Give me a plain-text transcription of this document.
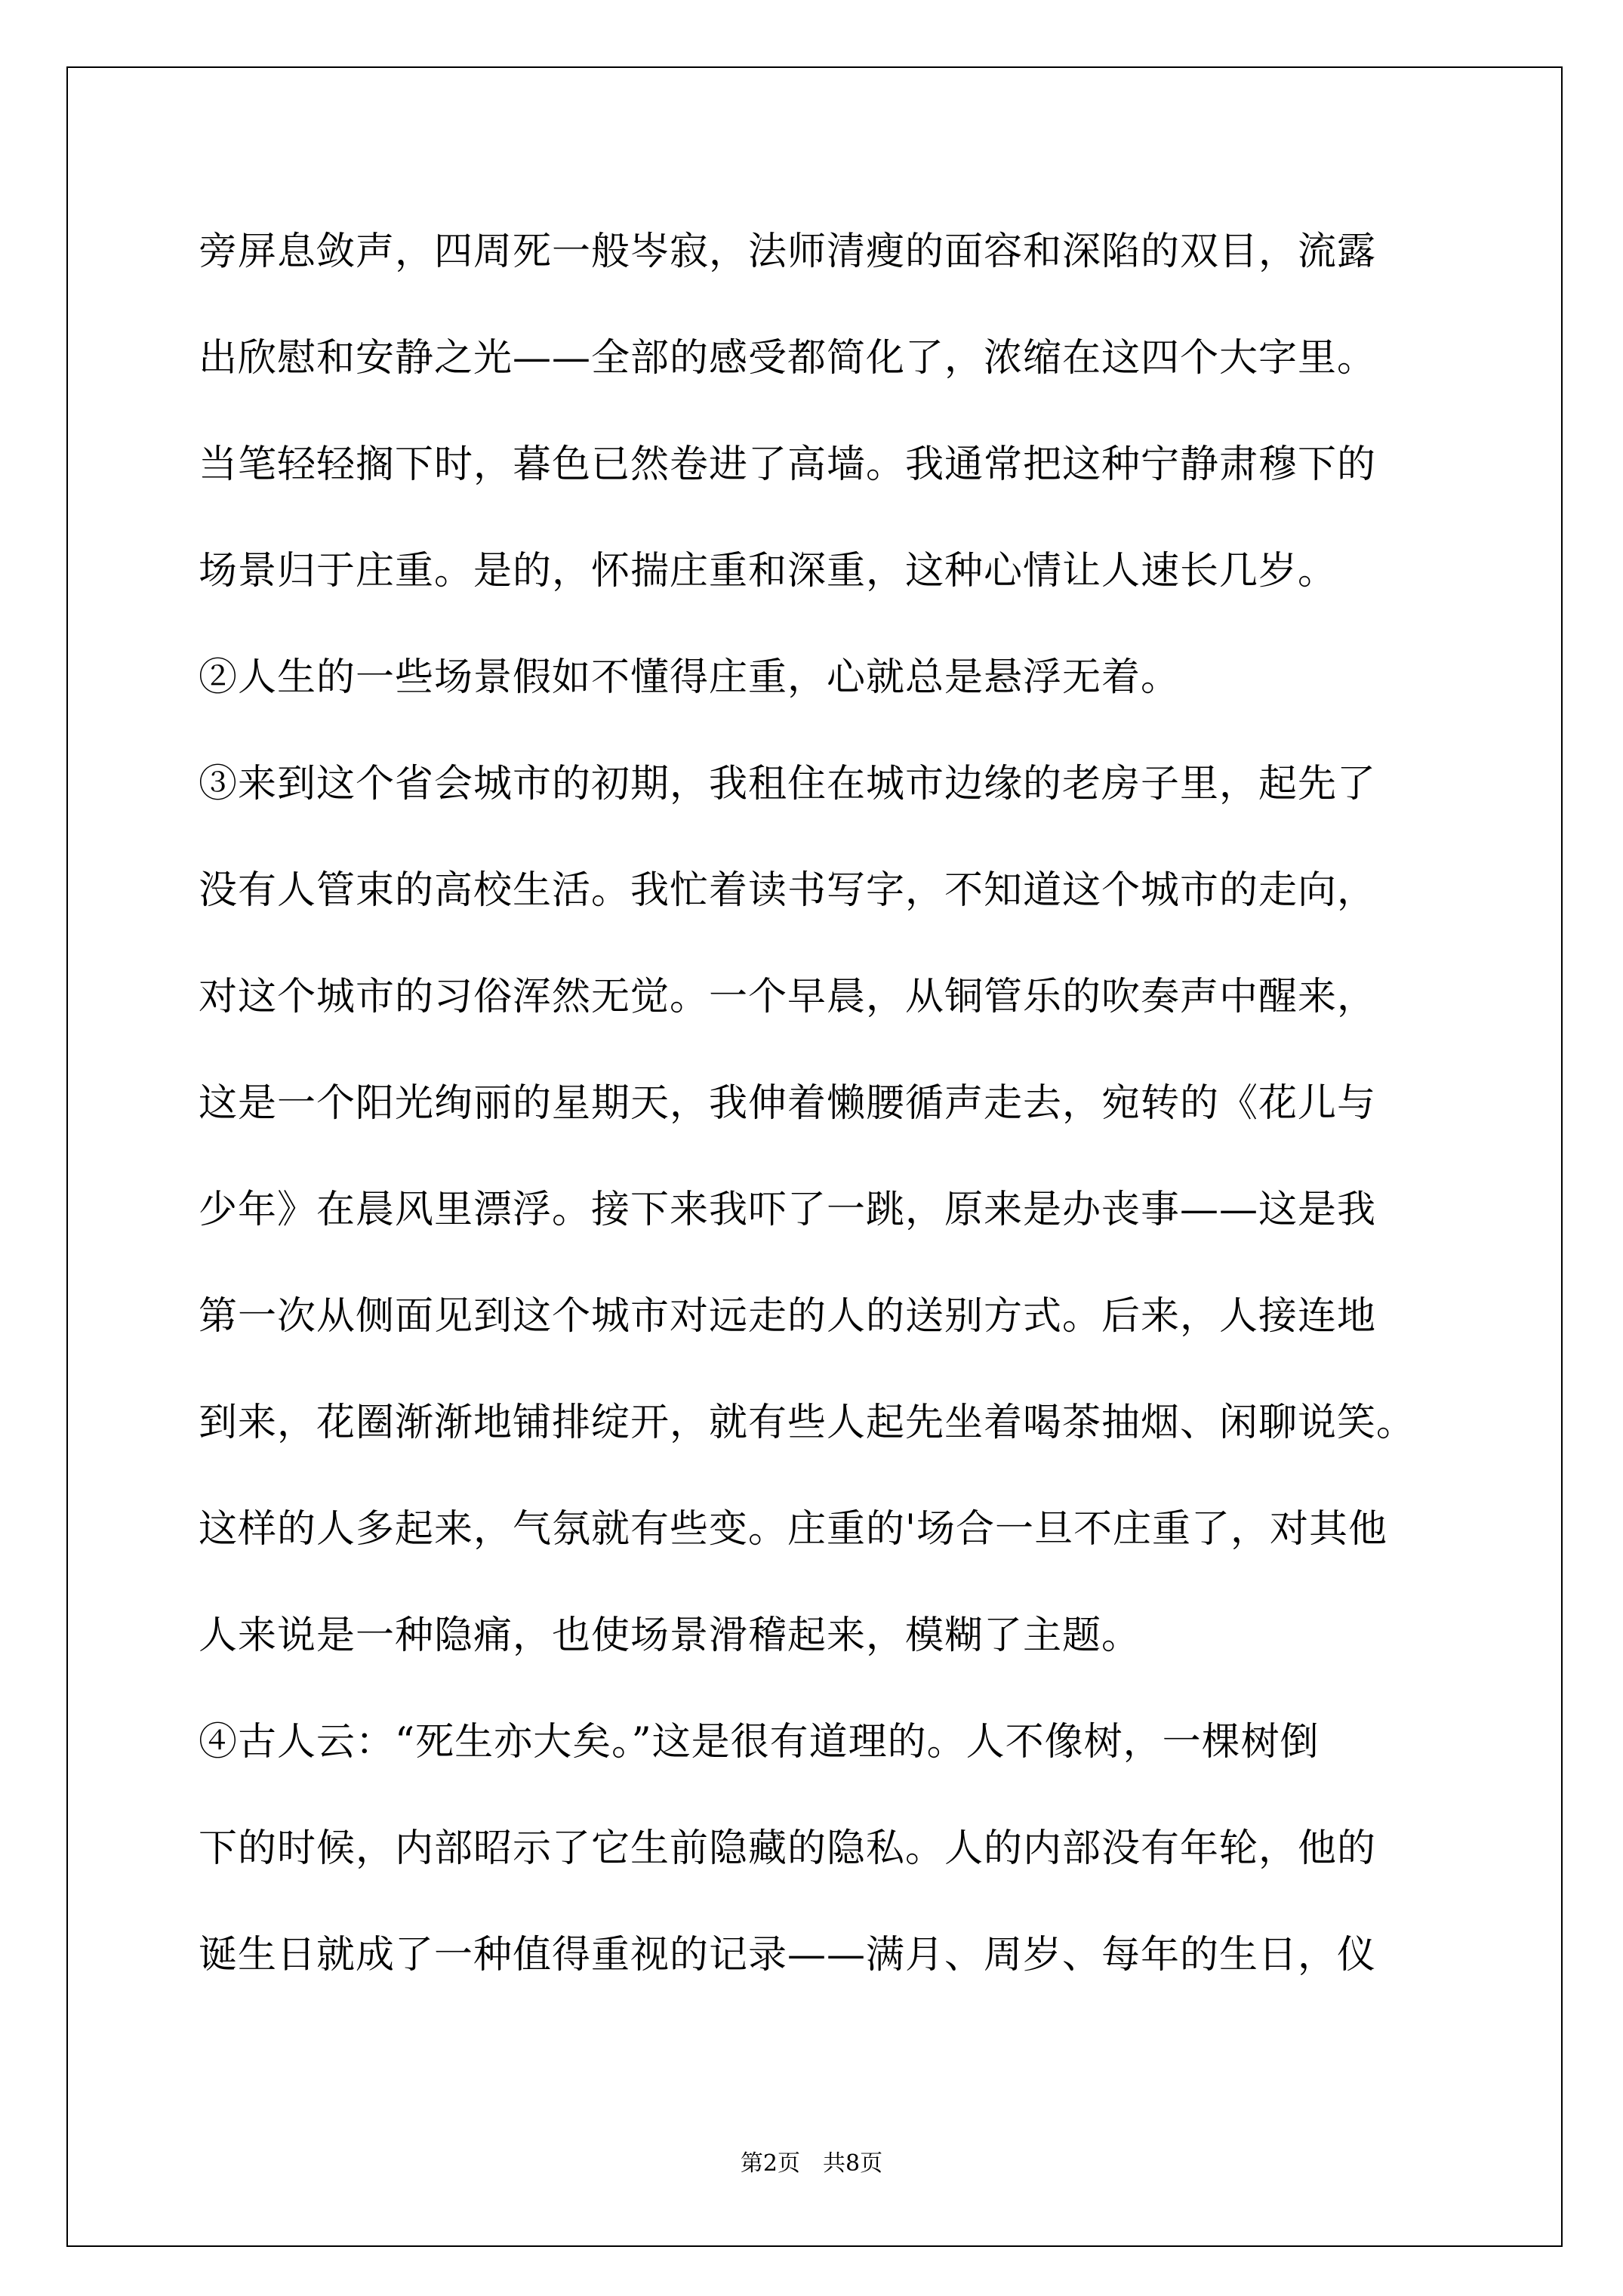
旁屏息敛声，四周死一般岑寂，法师清瘦的面容和深陷的双目，流露
出欣慰和安静之光——全部的感受都简化了，浓缩在这四个大字里。
当笔轻轻搁下时，暮色已然卷进了高墙。我通常把这种宁静肃穆下的
场景归于庄重。是的，怀揣庄重和深重，这种心情让人速长几岁。
②人生的一些场景假如不懂得庄重，心就总是悬浮无着。
③来到这个省会城市的初期，我租住在城市边缘的老房子里，起先了
没有人管束的高校生活。我忙着读书写字，不知道这个城市的走向，
对这个城市的习俗浑然无觉。一个早晨，从铜管乐的吹奏声中醒来，
这是一个阳光绚丽的星期天，我伸着懒腰循声走去，宛转的《花儿与
少年》在晨风里漂浮。接下来我吓了一跳，原来是办丧事——这是我
第一次从侧面见到这个城市对远走的人的送别方式。后来，人接连地
到来，花圈渐渐地铺排绽开，就有些人起先坐着喝茶抽烟、闲聊说笑。
这样的人多起来，气氛就有些变。庄重的'场合一旦不庄重了，对其他
人来说是一种隐痛，也使场景滑稽起来，模糊了主题。
④古人云：“死生亦大矣。”这是很有道理的。人不像树，一棵树倒
下的时候，内部昭示了它生前隐藏的隐私。人的内部没有年轮，他的
诞生日就成了一种值得重视的记录——满月、周岁、每年的生日，仪
第2页　共8页
